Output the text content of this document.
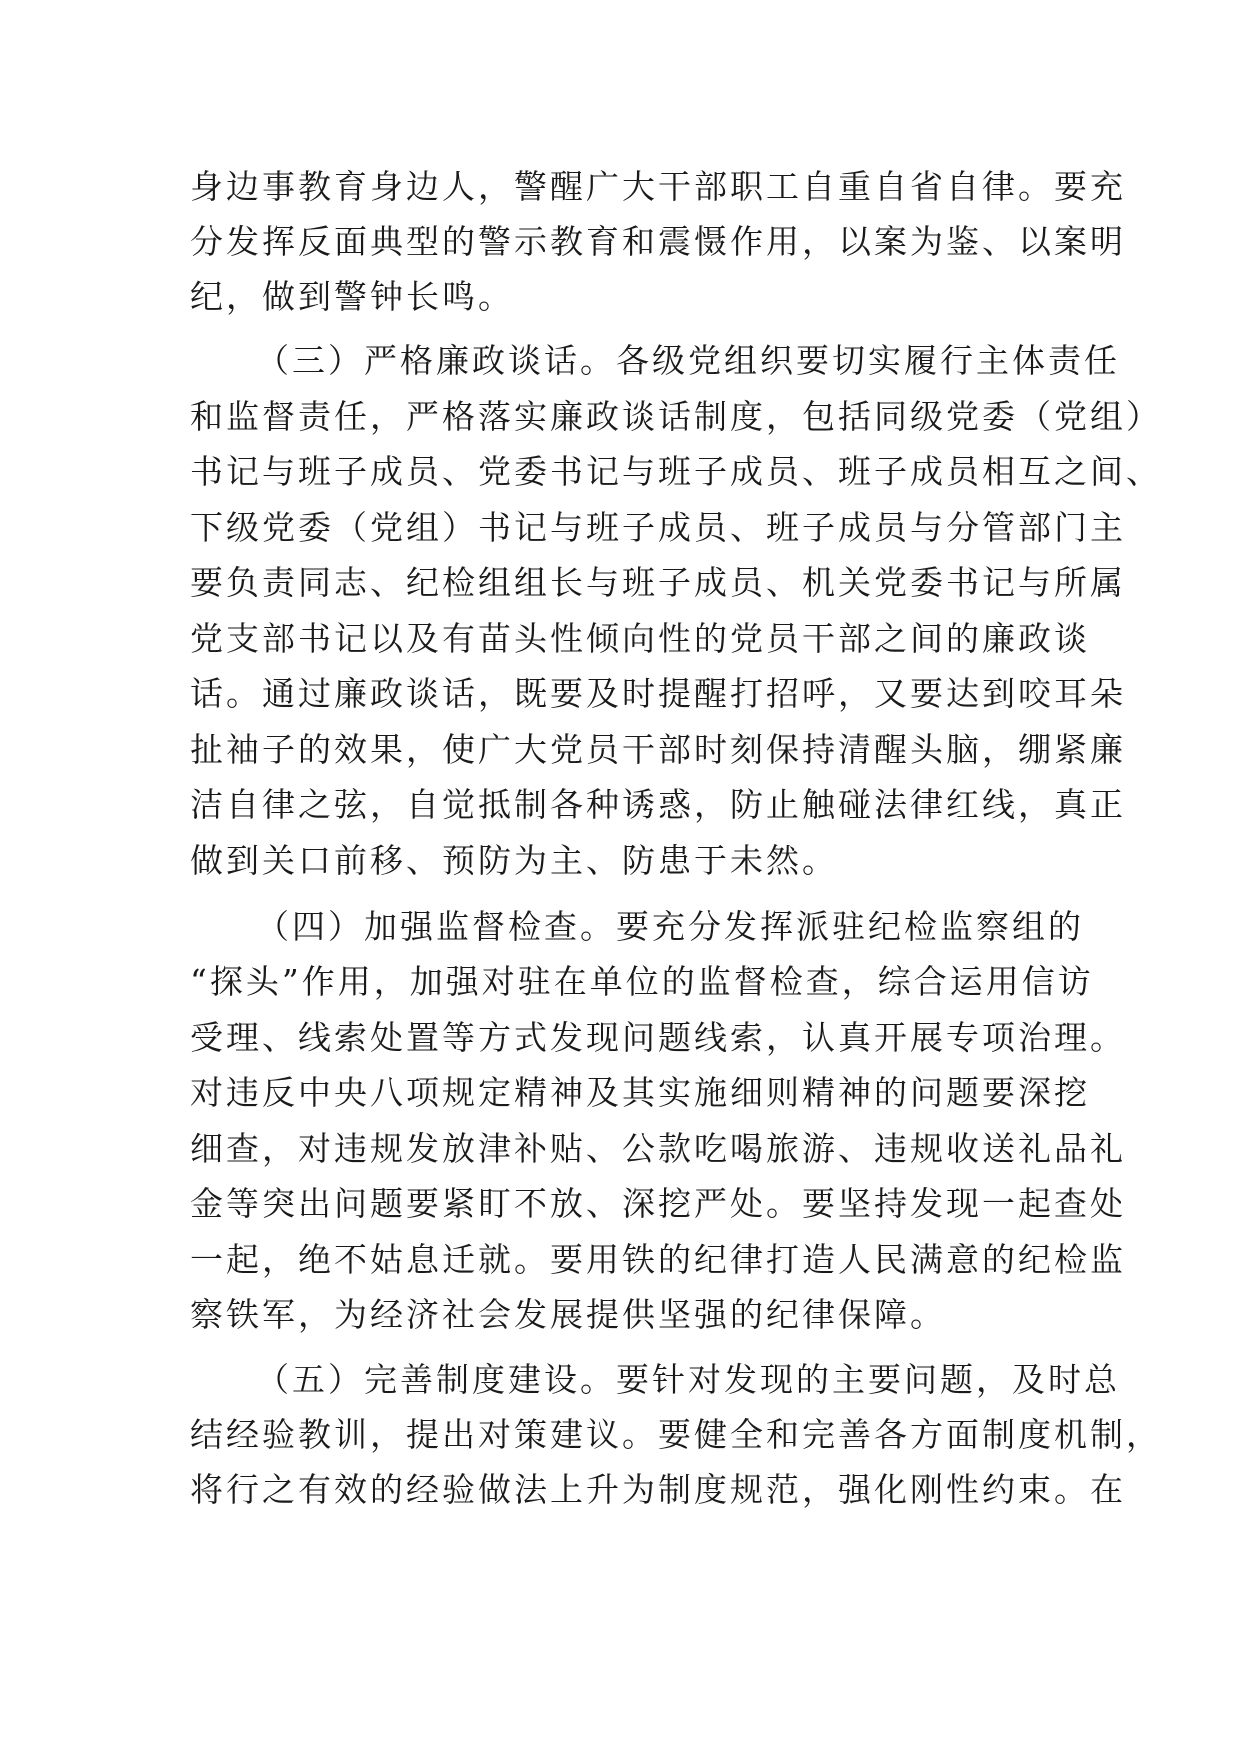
身边事教育身边人，警醒广大干部职工自重自省自律。要充
分发挥反面典型的警示教育和震慑作用，以案为鉴、以案明
纪，做到警钟长鸣。
（三）严格廉政谈话。各级党组织要切实履行主体责任
和监督责任，严格落实廉政谈话制度，包括同级党委（党组）
书记与班子成员、党委书记与班子成员、班子成员相互之间、
下级党委（党组）书记与班子成员、班子成员与分管部门主
要负责同志、纪检组组长与班子成员、机关党委书记与所属
党支部书记以及有苗头性倾向性的党员干部之间的廉政谈
话。通过廉政谈话，既要及时提醒打招呼，又要达到咬耳朵
扯袖子的效果，使广大党员干部时刻保持清醒头脑，绷紧廉
洁自律之弦，自觉抵制各种诱惑，防止触碰法律红线，真正
做到关口前移、预防为主、防患于未然。
（四）加强监督检查。要充分发挥派驻纪检监察组的
“探头”作用，加强对驻在单位的监督检查，综合运用信访
受理、线索处置等方式发现问题线索，认真开展专项治理。
对违反中央八项规定精神及其实施细则精神的问题要深挖
细查，对违规发放津补贴、公款吃喝旅游、违规收送礼品礼
金等突出问题要紧盯不放、深挖严处。要坚持发现一起查处
一起，绝不姑息迁就。要用铁的纪律打造人民满意的纪检监
察铁军，为经济社会发展提供坚强的纪律保障。
（五）完善制度建设。要针对发现的主要问题，及时总
结经验教训，提出对策建议。要健全和完善各方面制度机制，
将行之有效的经验做法上升为制度规范，强化刚性约束。在
